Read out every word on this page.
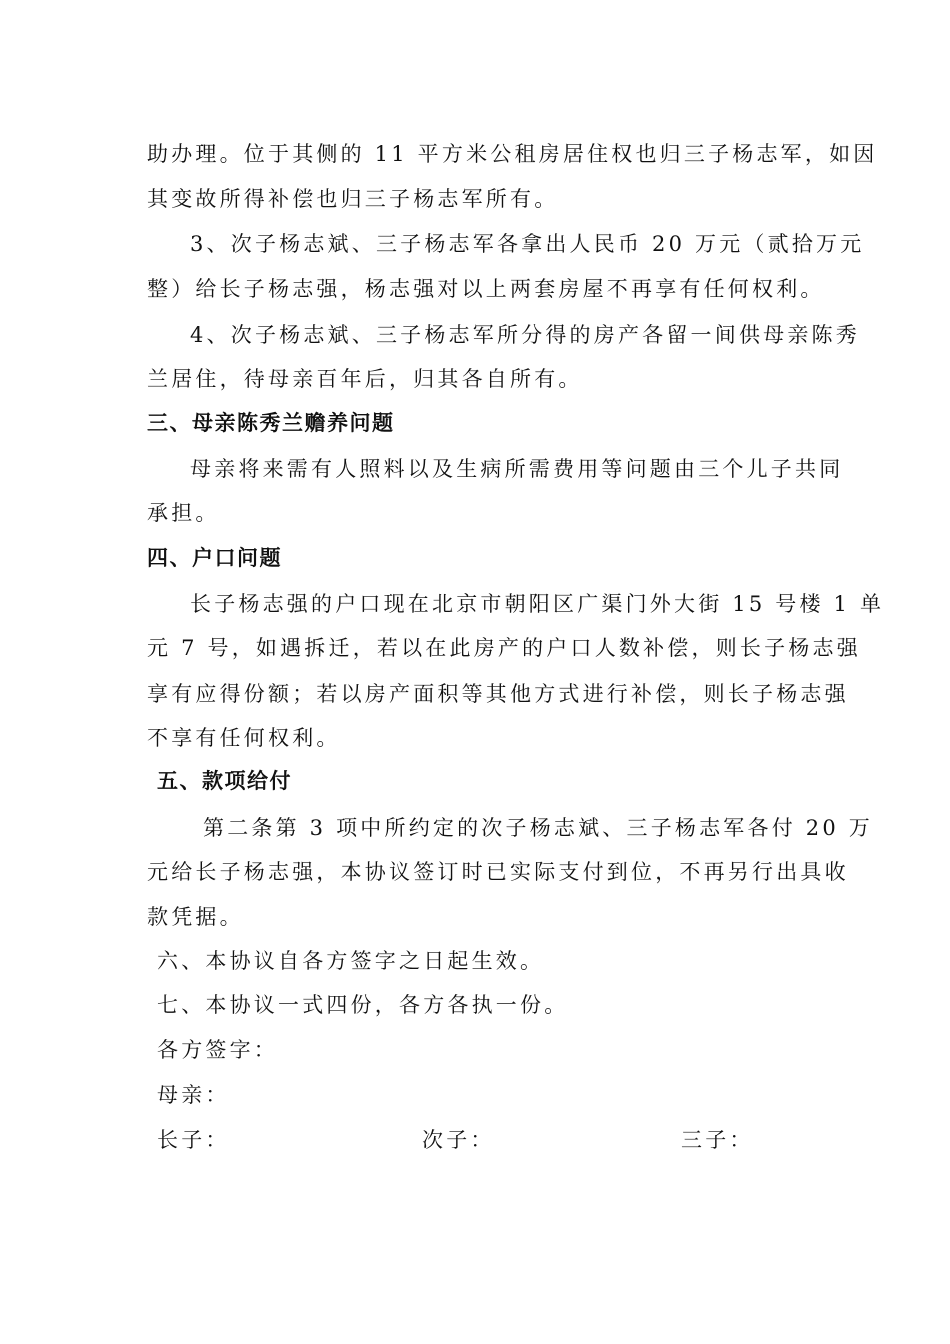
助办理。位于其侧的 11 平方米公租房居住权也归三子杨志军，如因
其变故所得补偿也归三子杨志军所有。
3、次子杨志斌、三子杨志军各拿出人民币 20 万元（贰拾万元
整）给长子杨志强，杨志强对以上两套房屋不再享有任何权利。
4、次子杨志斌、三子杨志军所分得的房产各留一间供母亲陈秀
兰居住，待母亲百年后，归其各自所有。
三、母亲陈秀兰赡养问题
母亲将来需有人照料以及生病所需费用等问题由三个儿子共同
承担。
四、户口问题
长子杨志强的户口现在北京市朝阳区广渠门外大街 15 号楼 1 单
元 7 号，如遇拆迁，若以在此房产的户口人数补偿，则长子杨志强
享有应得份额；若以房产面积等其他方式进行补偿，则长子杨志强
不享有任何权利。
五、款项给付
第二条第 3 项中所约定的次子杨志斌、三子杨志军各付 20 万
元给长子杨志强，本协议签订时已实际支付到位，不再另行出具收
款凭据。
六、本协议自各方签字之日起生效。
七、本协议一式四份，各方各执一份。
各方签字：
母亲：
长子：	次子：	三子：
